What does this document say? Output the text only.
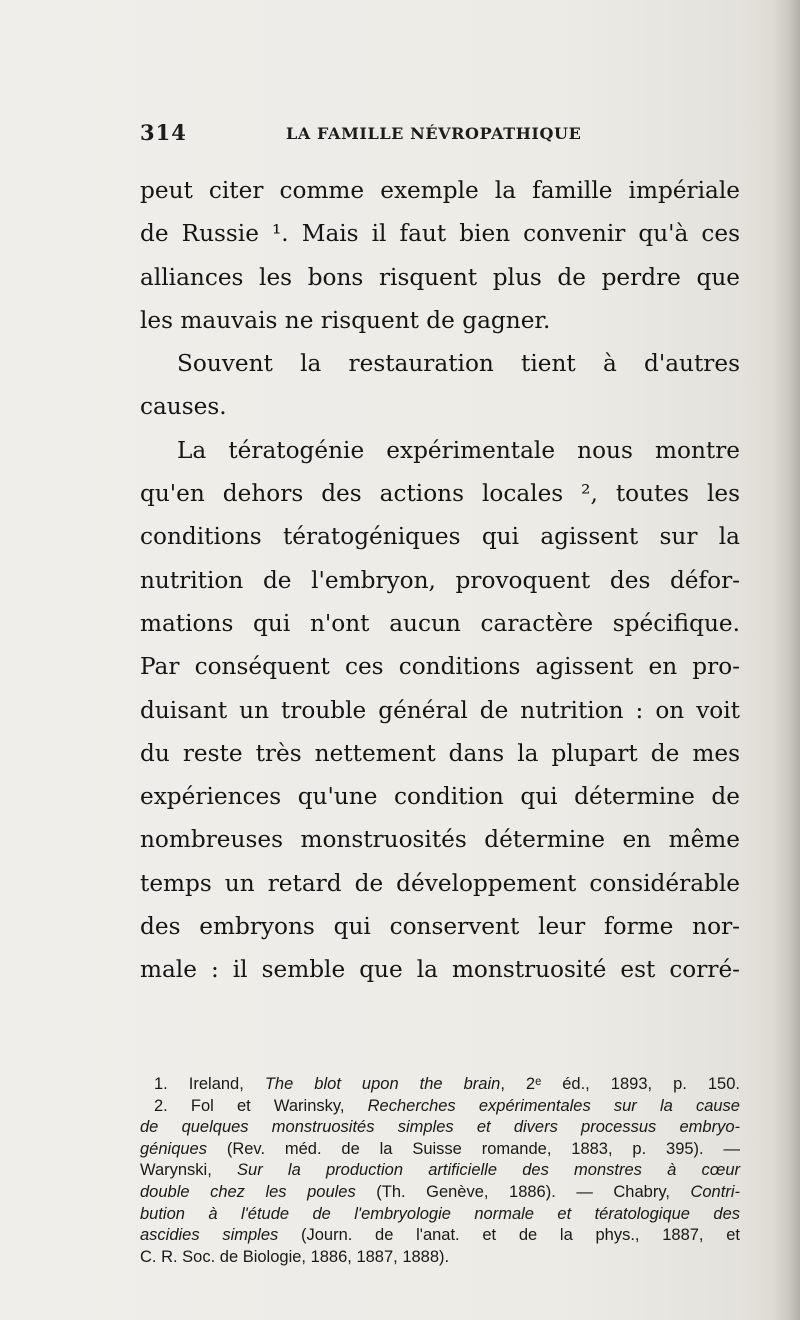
314	LA FAMILLE NÉVROPATHIQUE
peut citer comme exemple la famille impériale
de Russie ¹. Mais il faut bien convenir qu'à ces
alliances les bons risquent plus de perdre que
les mauvais ne risquent de gagner.
Souvent la restauration tient à d'autres
causes.
La tératogénie expérimentale nous montre
qu'en dehors des actions locales ², toutes les
conditions tératogéniques qui agissent sur la
nutrition de l'embryon, provoquent des défor-
mations qui n'ont aucun caractère spécifique.
Par conséquent ces conditions agissent en pro-
duisant un trouble général de nutrition : on voit
du reste très nettement dans la plupart de mes
expériences qu'une condition qui détermine de
nombreuses monstruosités détermine en même
temps un retard de développement considérable
des embryons qui conservent leur forme nor-
male : il semble que la monstruosité est corré-
1. Ireland, The blot upon the brain, 2ᵉ éd., 1893, p. 150.
2. Fol et Warinsky, Recherches expérimentales sur la cause
de quelques monstruosités simples et divers processus embryo-
géniques (Rev. méd. de la Suisse romande, 1883, p. 395). —
Warynski, Sur la production artificielle des monstres à cœur
double chez les poules (Th. Genève, 1886). — Chabry, Contri-
bution à l'étude de l'embryologie normale et tératologique des
ascidies simples (Journ. de l'anat. et de la phys., 1887, et
C. R. Soc. de Biologie, 1886, 1887, 1888).
